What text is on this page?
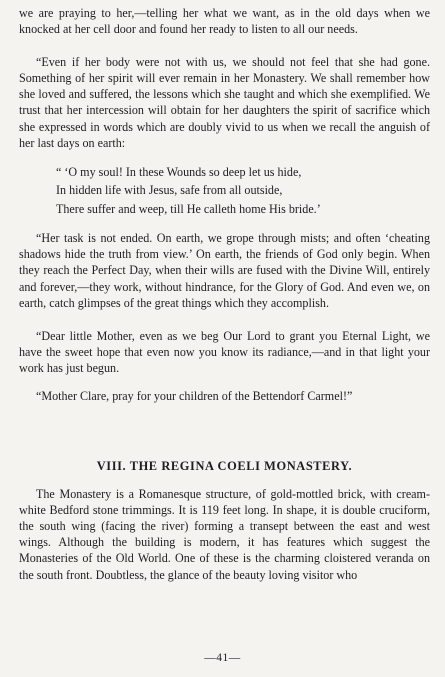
we are praying to her,—telling her what we want, as in the old days when we knocked at her cell door and found her ready to listen to all our needs.

“Even if her body were not with us, we should not feel that she had gone. Something of her spirit will ever remain in her Monastery. We shall remember how she loved and suffered, the lessons which she taught and which she exemplified. We trust that her intercession will obtain for her daughters the spirit of sacrifice which she expressed in words which are doubly vivid to us when we recall the anguish of her last days on earth:

“ ‘O my soul! In these Wounds so deep let us hide,
In hidden life with Jesus, safe from all outside,
There suffer and weep, till He calleth home His bride.’

“Her task is not ended. On earth, we grope through mists; and often ‘cheating shadows hide the truth from view.’ On earth, the friends of God only begin. When they reach the Perfect Day, when their wills are fused with the Divine Will, entirely and forever,—they work, without hindrance, for the Glory of God. And even we, on earth, catch glimpses of the great things which they accomplish.

“Dear little Mother, even as we beg Our Lord to grant you Eternal Light, we have the sweet hope that even now you know its radiance,—and in that light your work has just begun.

“Mother Clare, pray for your children of the Bettendorf Carmel!”

VIII. THE REGINA COELI MONASTERY.

The Monastery is a Romanesque structure, of gold-mottled brick, with cream-white Bedford stone trimmings. It is 119 feet long. In shape, it is double cruciform, the south wing (facing the river) forming a transept between the east and west wings. Although the building is modern, it has features which suggest the Monasteries of the Old World. One of these is the charming cloistered veranda on the south front. Doubtless, the glance of the beauty loving visitor who

—41—
